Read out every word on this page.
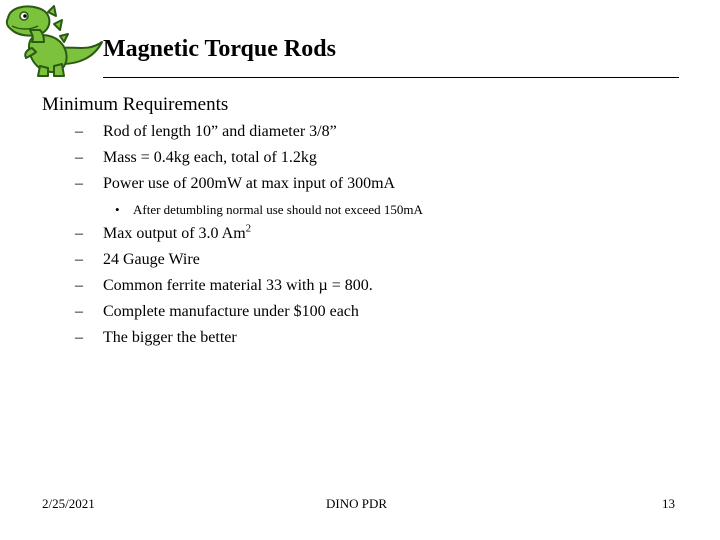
Magnetic Torque Rods
Minimum Requirements
– Rod of length 10” and diameter 3/8”
– Mass = 0.4kg each, total of 1.2kg
– Power use of 200mW at max input of 300mA
• After detumbling normal use should not exceed 150mA
– Max output of 3.0 Am$^2$
– 24 Gauge Wire
– Common ferrite material 33 with µ = 800.
– Complete manufacture under $100 each
– The bigger the better
2/25/2021	DINO PDR	13
